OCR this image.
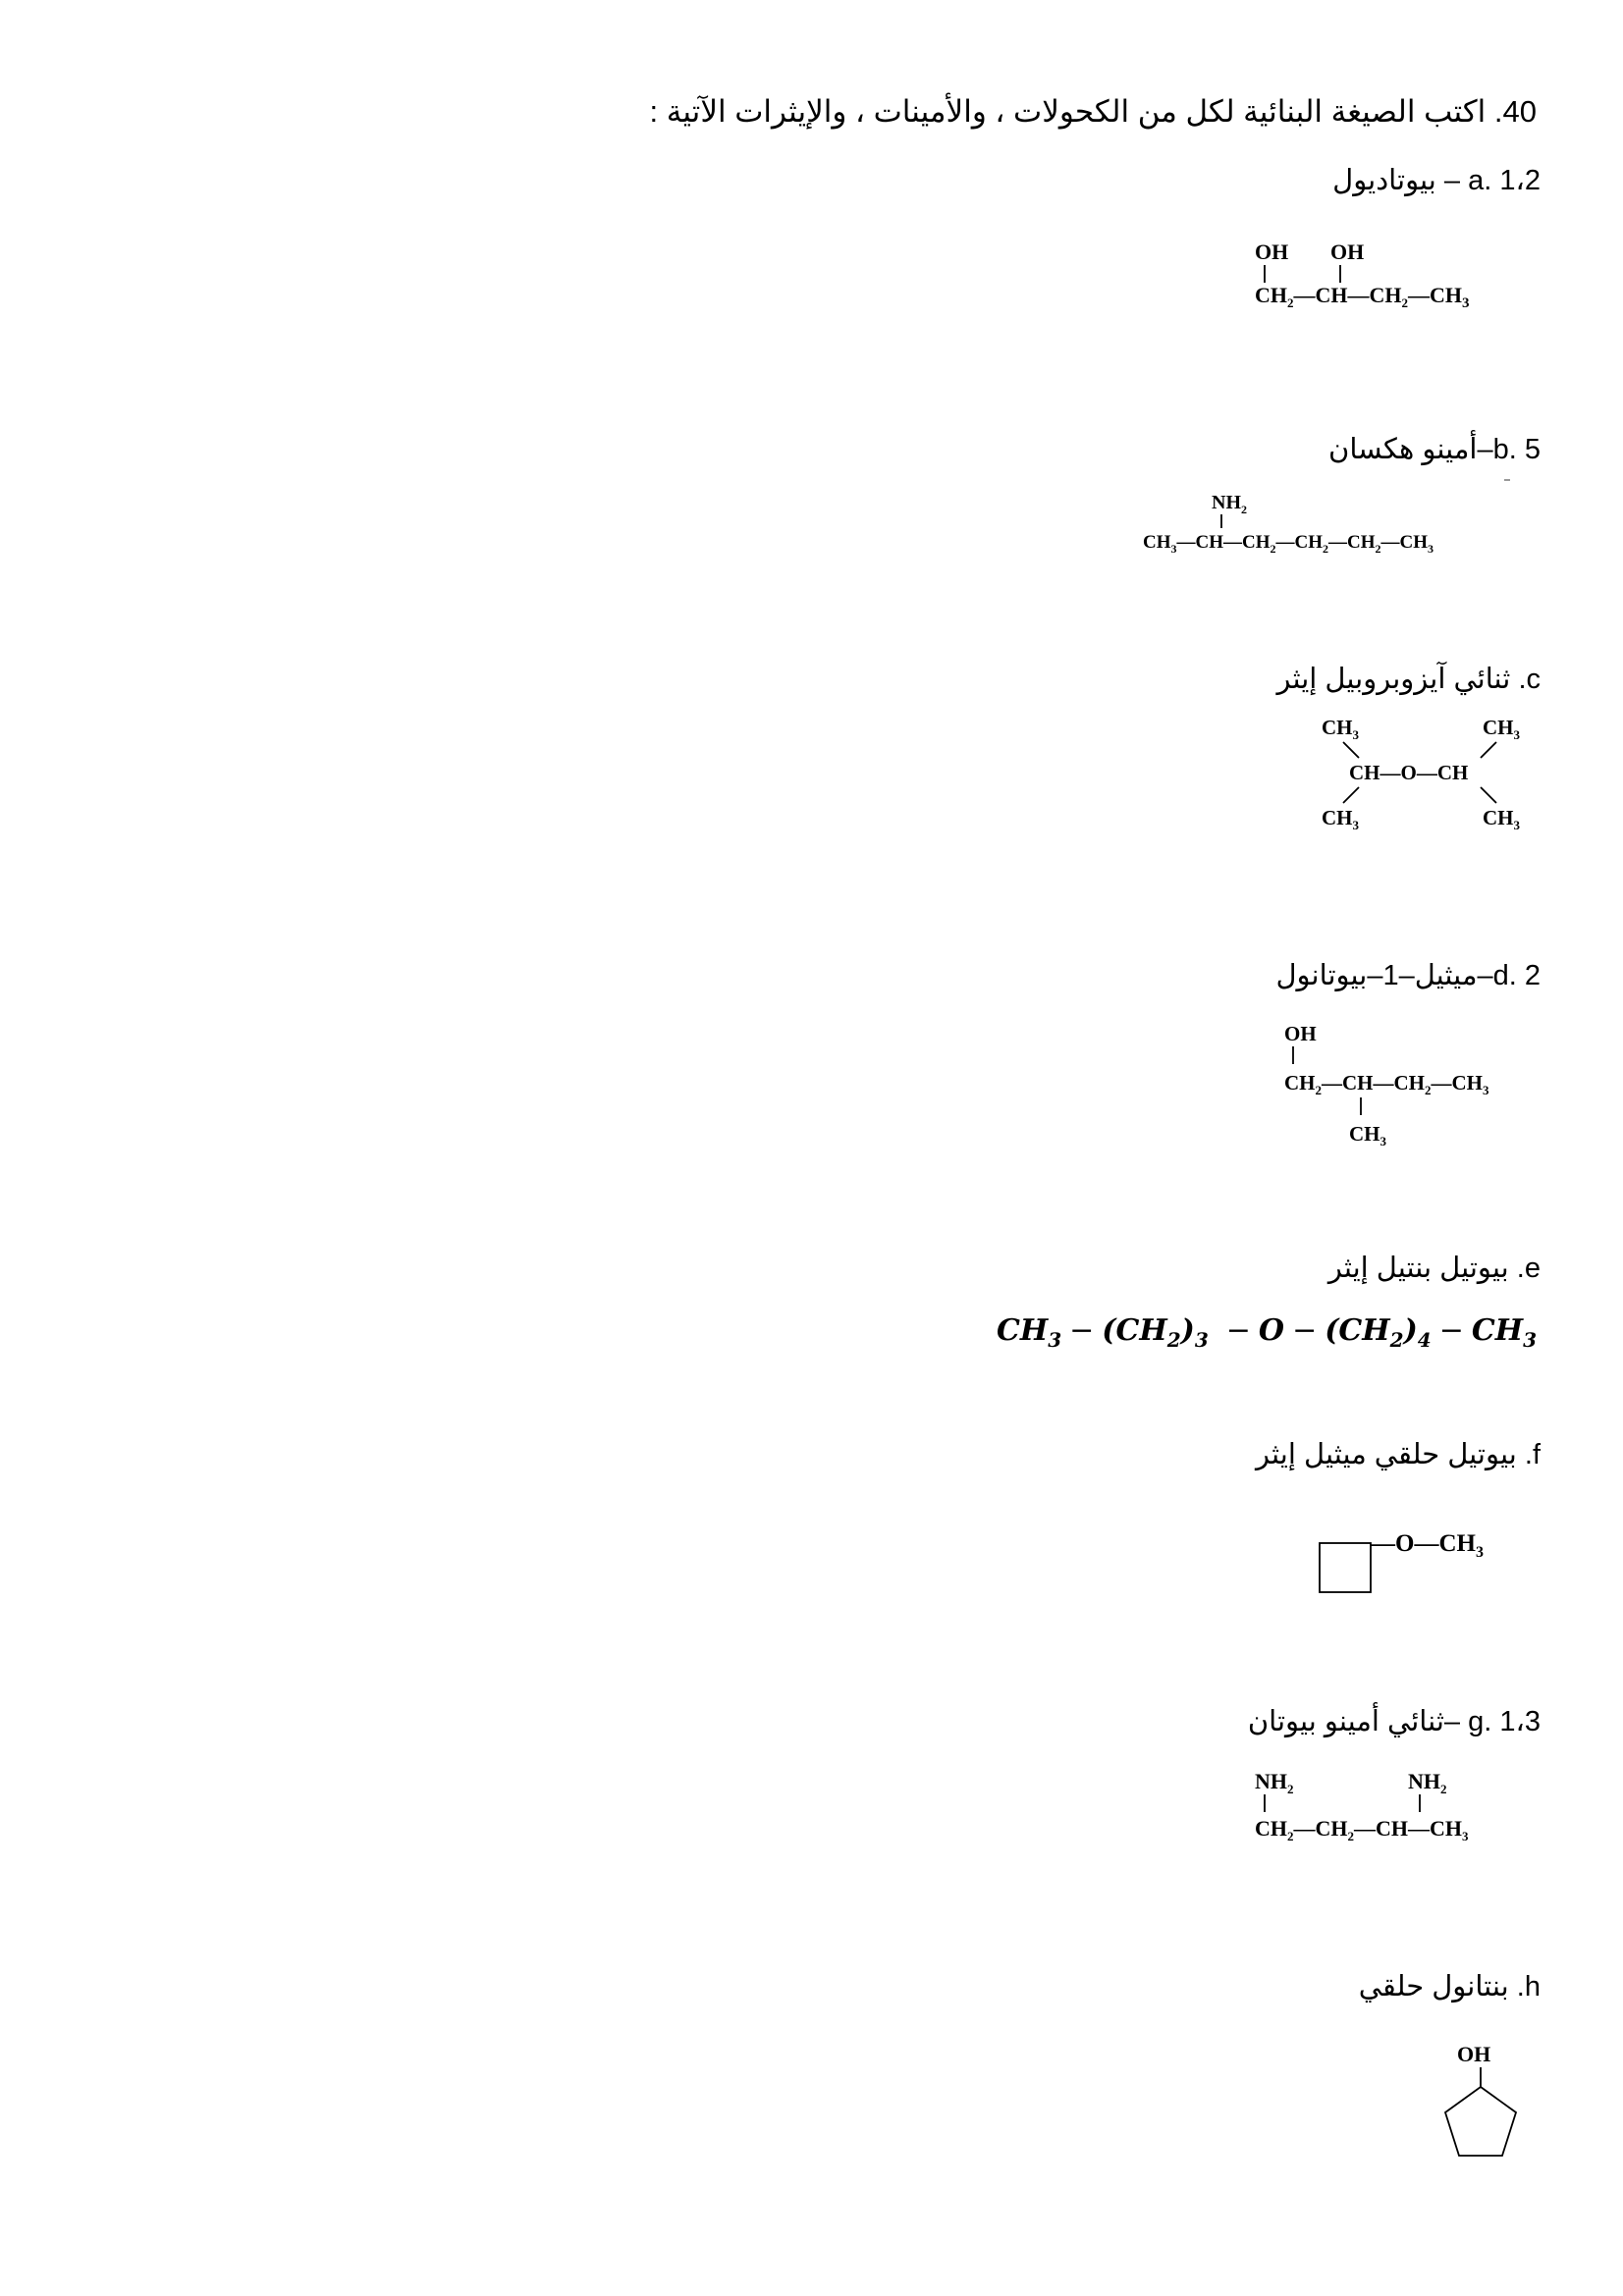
40. اكتب الصيغة البنائية لكل من الكحولات ، والأمينات ، والإيثرات الآتية :
a. 1،2 – بيوتاديول
OH OH
$CH_2—CH—CH_2—CH_3$
b. 5–أمينو هكسان
$NH_2$
$CH_3—CH—CH_2—CH_2—CH_2—CH_3$
c. ثنائي آيزوبروبيل إيثر
$CH_3$	$CH_3$
CH—O—CH
$CH_3$	$CH_3$
d. 2–ميثيل–1–بيوتانول
OH
$CH_2—CH—CH_2—CH_3$
$CH_3$
e. بيوتيل بنتيل إيثر
$CH_3 - (CH_2)_3 - O - (CH_2)_4 - CH_3$
f. بيوتيل حلقي ميثيل إيثر
$—O—CH_3$
g. 1،3 –ثنائي أمينو بيوتان
$NH_2$	$NH_2$
$CH_2—CH_2—CH—CH_3$
h. بنتانول حلقي
OH
